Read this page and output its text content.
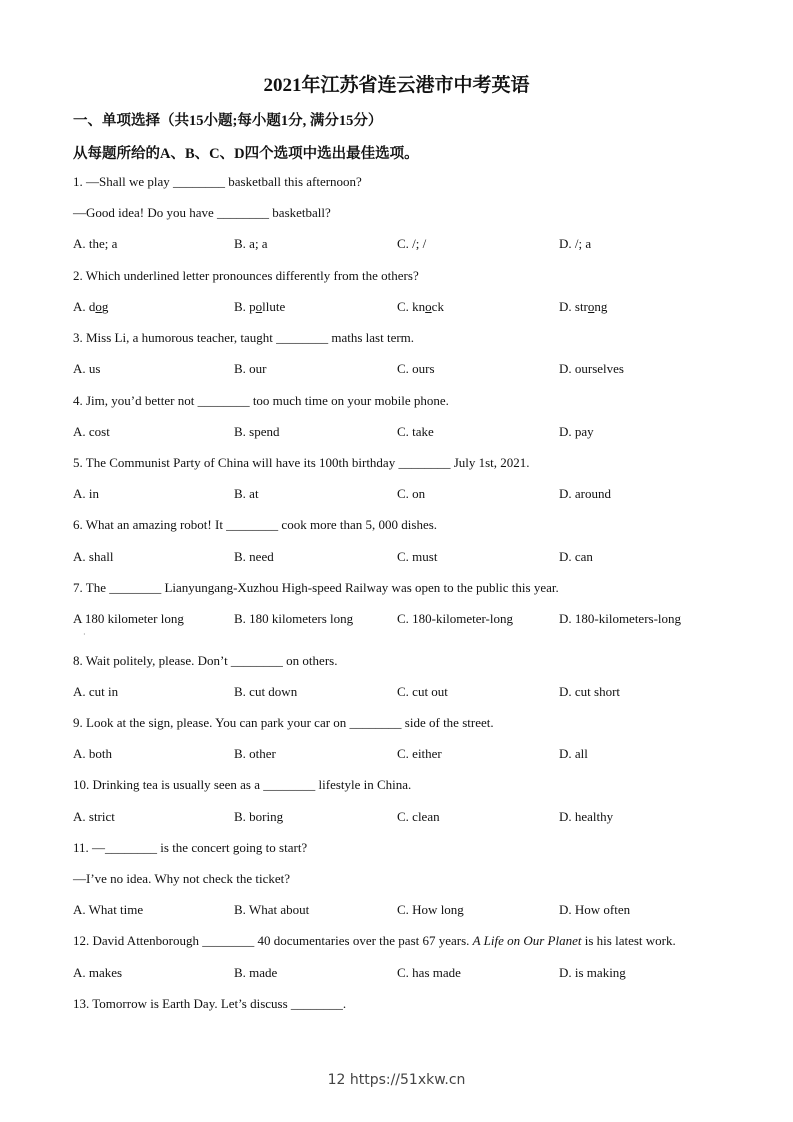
2021年江苏省连云港市中考英语
一、单项选择（共15小题;每小题1分, 满分15分）
从每题所给的A、B、C、D四个选项中选出最佳选项。
1. —Shall we play ________ basketball this afternoon?
—Good idea! Do you have ________ basketball?
A. the; a	B. a; a	C. /; /	D. /; a
2. Which underlined letter pronounces differently from the others?
A. dog	B. pollute	C. knock	D. strong
3. Miss Li, a humorous teacher, taught ________ maths last term.
A. us	B. our	C. ours	D. ourselves
4. Jim, you’d better not ________ too much time on your mobile phone.
A. cost	B. spend	C. take	D. pay
5. The Communist Party of China will have its 100th birthday ________ July 1st, 2021.
A. in	B. at	C. on	D. around
6. What an amazing robot! It ________ cook more than 5, 000 dishes.
A. shall	B. need	C. must	D. can
7. The ________ Lianyungang-Xuzhou High-speed Railway was open to the public this year.
A 180 kilometer long	B. 180 kilometers long	C. 180-kilometer-long	D. 180-kilometers-long
·
8. Wait politely, please. Don’t ________ on others.
A. cut in	B. cut down	C. cut out	D. cut short
9. Look at the sign, please. You can park your car on ________ side of the street.
A. both	B. other	C. either	D. all
10. Drinking tea is usually seen as a ________ lifestyle in China.
A. strict	B. boring	C. clean	D. healthy
11. —________ is the concert going to start?
—I’ve no idea. Why not check the ticket?
A. What time	B. What about	C. How long	D. How often
12. David Attenborough ________ 40 documentaries over the past 67 years. A Life on Our Planet is his latest work.
A. makes	B. made	C. has made	D. is making
13. Tomorrow is Earth Day. Let’s discuss ________.
12 https://51xkw.cn
